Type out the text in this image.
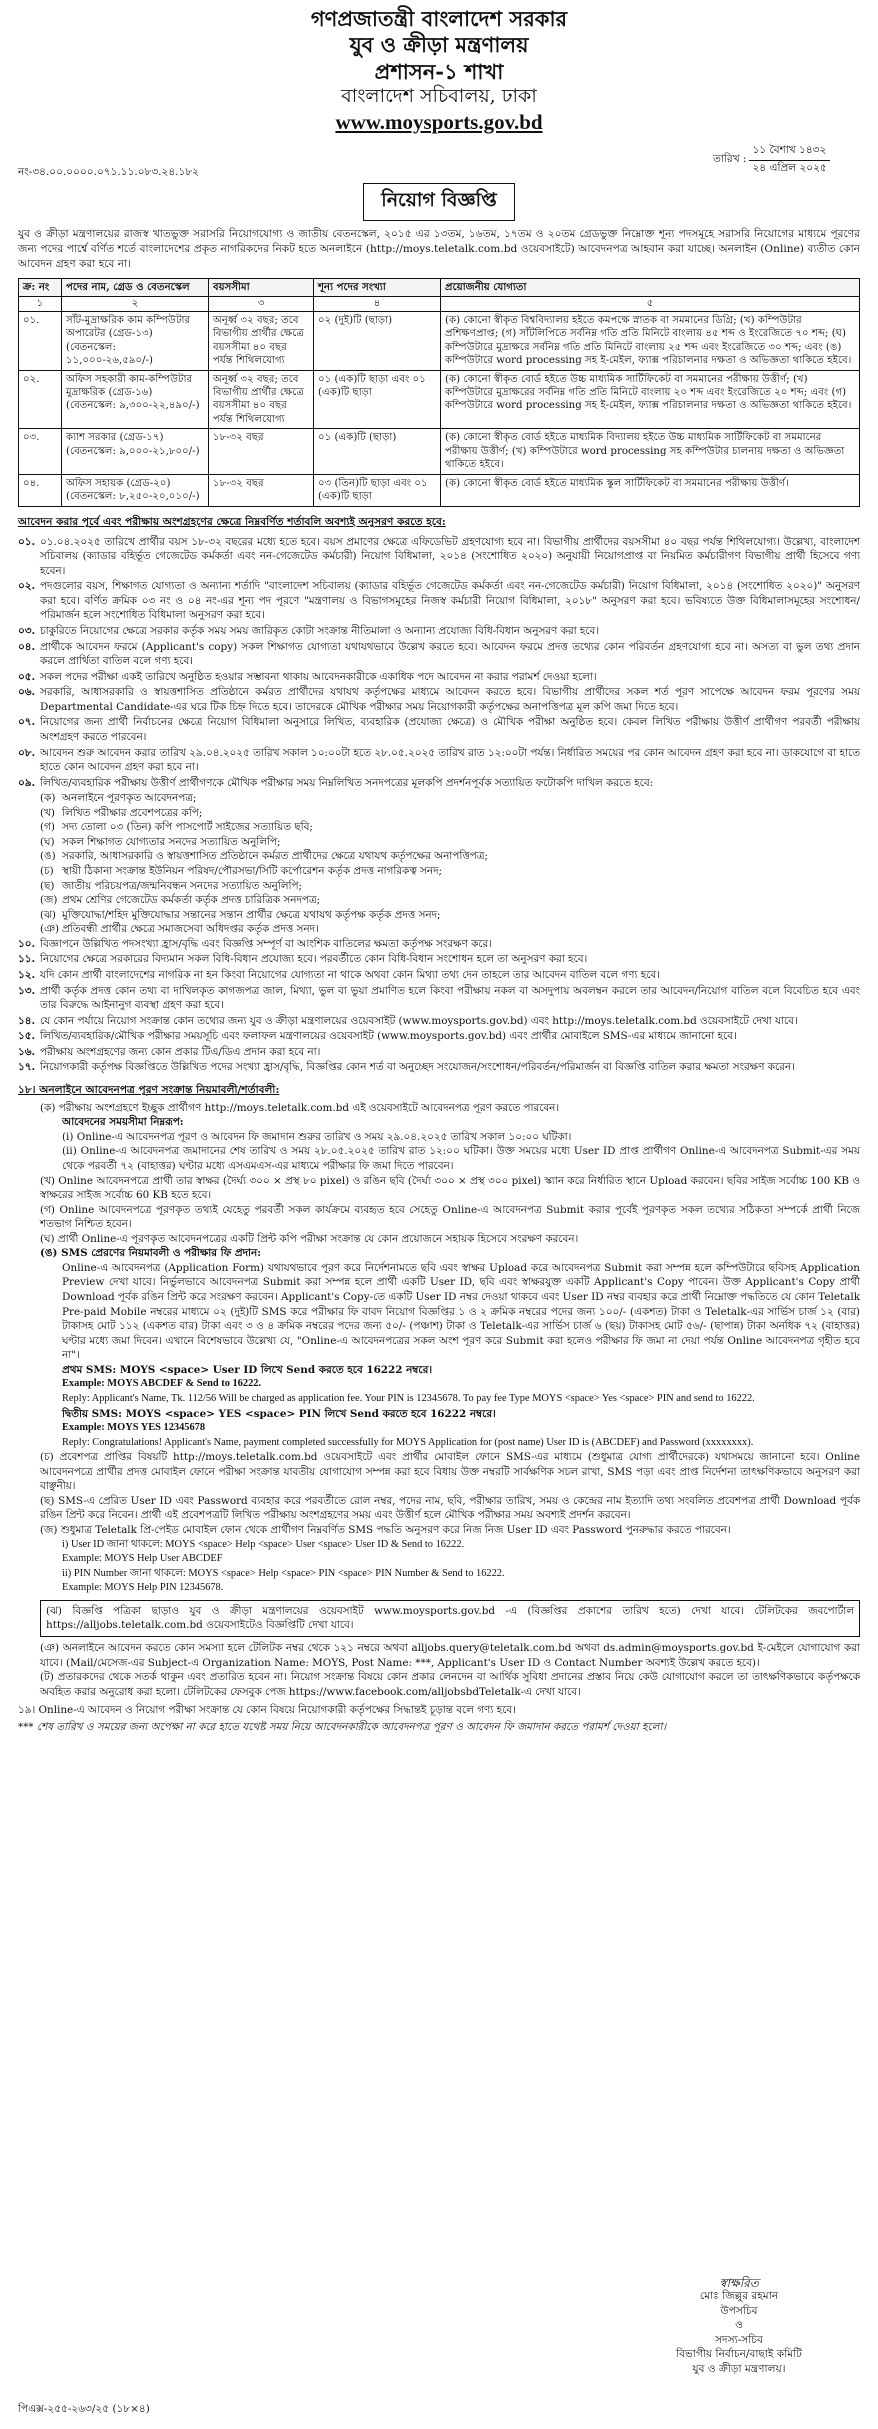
গণপ্রজাতন্ত্রী বাংলাদেশ সরকার
যুব ও ক্রীড়া মন্ত্রণালয়
প্রশাসন-১ শাখা
বাংলাদেশ সচিবালয়, ঢাকা
www.moysports.gov.bd
নং-৩৪.০০.০০০০.০৭১.১১.০৮৩.২৪.১৮২
তারিখ :	১১ বৈশাখ ১৪৩২
২৪ এপ্রিল ২০২৫
নিয়োগ বিজ্ঞপ্তি

যুব ও ক্রীড়া মন্ত্রণালয়ের রাজস্ব খাতভুক্ত সরাসরি নিয়োগযোগ্য ও জাতীয় বেতনস্কেল, ২০১৫ এর ১৩তম, ১৬তম, ১৭তম ও ২০তম গ্রেডভুক্ত নিম্নোক্ত শূন্য পদসমূহে সরাসরি নিয়োগের মাধ্যমে পূরণের জন্য পদের পার্শ্বে বর্ণিত শর্তে বাংলাদেশের প্রকৃত নাগরিকদের নিকট হতে অনলাইনে (http://moys.teletalk.com.bd ওয়েবসাইটে) আবেদনপত্র আহবান করা যাচ্ছে। অনলাইন (Online) ব্যতীত কোন আবেদন গ্রহণ করা হবে না।

ক্র: নং	পদের নাম, গ্রেড ও বেতনস্কেল	বয়সসীমা	শূন্য পদের সংখ্যা	প্রয়োজনীয় যোগ্যতা
১	২	৩	৪	৫
০১.	সাঁট-মুদ্রাক্ষরিক কাম কম্পিউটার অপারেটর (গ্রেড-১৩) (বেতনস্কেল: ১১,০০০-২৬,৫৯০/-)	অনূর্ধ্ব ৩২ বছর; তবে বিভাগীয় প্রার্থীর ক্ষেত্রে বয়সসীমা ৪০ বছর পর্যন্ত শিথিলযোগ্য	০২ (দুই)টি (ছাড়া)	(ক) কোনো স্বীকৃত বিশ্ববিদ্যালয় হইতে কমপক্ষে স্নাতক বা সমমানের ডিগ্রি; (খ) কম্পিউটার প্রশিক্ষণপ্রাপ্ত; (গ) সাঁটলিপিতে সর্বনিম্ন গতি প্রতি মিনিটে বাংলায় ৪৫ শব্দ ও ইংরেজিতে ৭০ শব্দ; (ঘ) কম্পিউটারে মুদ্রাক্ষরে সর্বনিম্ন গতি প্রতি মিনিটে বাংলায় ২৫ শব্দ এবং ইংরেজিতে ৩০ শব্দ; এবং (ঙ) কম্পিউটারে word processing সহ ই-মেইল, ফ্যাক্স পরিচালনার দক্ষতা ও অভিজ্ঞতা থাকিতে হইবে।
০২.	অফিস সহকারী কাম-কম্পিউটার মুদ্রাক্ষরিক (গ্রেড-১৬) (বেতনস্কেল: ৯,৩০০-২২,৪৯০/-)	অনূর্ধ্ব ৩২ বছর; তবে বিভাগীয় প্রার্থীর ক্ষেত্রে বয়সসীমা ৪০ বছর পর্যন্ত শিথিলযোগ্য	০১ (এক)টি ছাড়া এবং ০১ (এক)টি ছাড়া	(ক) কোনো স্বীকৃত বোর্ড হইতে উচ্চ মাধ্যমিক সার্টিফিকেট বা সমমানের পরীক্ষায় উত্তীর্ণ; (খ) কম্পিউটারে মুদ্রাক্ষরের সর্বনিম্ন গতি প্রতি মিনিটে বাংলায় ২০ শব্দ এবং ইংরেজিতে ২০ শব্দ; এবং (গ) কম্পিউটারে word processing সহ ই-মেইল, ফ্যাক্স পরিচালনার দক্ষতা ও অভিজ্ঞতা থাকিতে হইবে।
০৩.	ক্যাশ সরকার (গ্রেড-১৭) (বেতনস্কেল: ৯,০০০-২১,৮০০/-)	১৮-৩২ বছর	০১ (এক)টি (ছাড়া)	(ক) কোনো স্বীকৃত বোর্ড হইতে মাধ্যমিক বিদ্যালয় হইতে উচ্চ মাধ্যমিক সার্টিফিকেট বা সমমানের পরীক্ষায় উত্তীর্ণ; (খ) কম্পিউটারে word processing সহ কম্পিউটার চালনায় দক্ষতা ও অভিজ্ঞতা থাকিতে হইবে।
০৪.	অফিস সহায়ক (গ্রেড-২০) (বেতনস্কেল: ৮,২৫০-২০,০১০/-)	১৮-৩২ বছর	০৩ (তিন)টি ছাড়া এবং ০১ (এক)টি ছাড়া	(ক) কোনো স্বীকৃত বোর্ড হইতে মাধ্যমিক স্কুল সার্টিফিকেট বা সমমানের পরীক্ষায় উত্তীর্ণ।
আবেদন করার পূর্বে এবং পরীক্ষায় অংশগ্রহণের ক্ষেত্রে নিম্নবর্ণিত শর্তাবলি অবশ্যই অনুসরণ করতে হবে:
০১. ০১.০৪.২০২৫ তারিখে প্রার্থীর বয়স ১৮-৩২ বছরের মধ্যে হতে হবে। বয়স প্রমাণের ক্ষেত্রে এফিডেভিট গ্রহণযোগ্য হবে না। বিভাগীয় প্রার্থীদের বয়সসীমা ৪০ বছর পর্যন্ত শিথিলযোগ্য। উল্লেখ্য, বাংলাদেশ সচিবালয় (ক্যাডার বহির্ভূত গেজেটেড কর্মকর্তা এবং নন-গেজেটেড কর্মচারী) নিয়োগ বিধিমালা, ২০১৪ (সংশোধিত ২০২০) অনুযায়ী নিয়োগপ্রাপ্ত বা নিয়মিত কর্মচারীগণ বিভাগীয় প্রার্থী হিসেবে গণ্য হবেন।
০২. পদগুলোর বয়স, শিক্ষাগত যোগ্যতা ও অন্যান্য শর্তাদি "বাংলাদেশ সচিবালয় (ক্যাডার বহির্ভূত গেজেটেড কর্মকর্তা এবং নন-গেজেটেড কর্মচারী) নিয়োগ বিধিমালা, ২০১৪ (সংশোধিত ২০২০)" অনুসরণ করা হবে। বর্ণিত ক্রমিক ০৩ নং ও ০৪ নং-এর শূন্য পদ পূরণে "মন্ত্রণালয় ও বিভাগসমূহের নিজস্ব কর্মচারী নিয়োগ বিধিমালা, ২০১৮" অনুসরণ করা হবে। ভবিষ্যতে উক্ত বিধিমালাসমূহের সংশোধন/পরিমার্জন হলে সংশোধিত বিধিমালা অনুসরণ করা হবে।
০৩. চাকুরিতে নিয়োগের ক্ষেত্রে সরকার কর্তৃক সময় সময় জারিকৃত কোটা সংক্রান্ত নীতিমালা ও অন্যান্য প্রযোজ্য বিধি-বিধান অনুসরণ করা হবে।
০৪. প্রার্থীকে আবেদন ফরমে (Applicant's copy) সকল শিক্ষাগত যোগ্যতা যথাযথভাবে উল্লেখ করতে হবে। আবেদন ফরমে প্রদত্ত তথ্যের কোন পরিবর্তন গ্রহণযোগ্য হবে না। অসত্য বা ভুল তথ্য প্রদান করলে প্রার্থিতা বাতিল বলে গণ্য হবে।
০৫. সকল পদের পরীক্ষা একই তারিখে অনুষ্ঠিত হওয়ার সম্ভাবনা থাকায় আবেদনকারীকে একাধিক পদে আবেদন না করার পরামর্শ দেওয়া হলো।
০৬. সরকারি, আধাসরকারি ও স্বায়ত্তশাসিত প্রতিষ্ঠানে কর্মরত প্রার্থীদের যথাযথ কর্তৃপক্ষের মাধ্যমে আবেদন করতে হবে। বিভাগীয় প্রার্থীদের সকল শর্ত পূরণ সাপেক্ষে আবেদন ফরম পূরণের সময় Departmental Candidate-এর ঘরে টিক চিহ্ন দিতে হবে। তাদেরকে মৌখিক পরীক্ষার সময় নিয়োগকারী কর্তৃপক্ষের অনাপত্তিপত্র মূল কপি জমা দিতে হবে।
০৭. নিয়োগের জন্য প্রার্থী নির্বাচনের ক্ষেত্রে নিয়োগ বিধিমালা অনুসারে লিখিত, ব্যবহারিক (প্রযোজ্য ক্ষেত্রে) ও মৌখিক পরীক্ষা অনুষ্ঠিত হবে। কেবল লিখিত পরীক্ষায় উত্তীর্ণ প্রার্থীগণ পরবর্তী পরীক্ষায় অংশগ্রহণ করতে পারবেন।
০৮. আবেদন শুরু আবেদন করার তারিখ ২৯.০৪.২০২৫ তারিখ সকাল ১০:০০টা হতে ২৮.০৫.২০২৫ তারিখ রাত ১২:০০টা পর্যন্ত। নির্ধারিত সময়ের পর কোন আবেদন গ্রহণ করা হবে না। ডাকযোগে বা হাতে হাতে কোন আবেদন গ্রহণ করা হবে না।
০৯. লিখিত/ব্যবহারিক পরীক্ষায় উত্তীর্ণ প্রার্থীগণকে মৌখিক পরীক্ষার সময় নিম্নলিখিত সনদপত্রের মূলকপি প্রদর্শনপূর্বক সত্যায়িত ফটোকপি দাখিল করতে হবে:
(ক) অনলাইনে পূরণকৃত আবেদনপত্র;
(খ) লিখিত পরীক্ষার প্রবেশপত্রের কপি;
(গ) সদ্য তোলা ০৩ (তিন) কপি পাসপোর্ট সাইজের সত্যায়িত ছবি;
(ঘ) সকল শিক্ষাগত যোগ্যতার সনদের সত্যায়িত অনুলিপি;
(ঙ) সরকারি, আধাসরকারি ও স্বায়ত্তশাসিত প্রতিষ্ঠানে কর্মরত প্রার্থীদের ক্ষেত্রে যথাযথ কর্তৃপক্ষের অনাপত্তিপত্র;
(চ) স্থায়ী ঠিকানা সংক্রান্ত ইউনিয়ন পরিষদ/পৌরসভা/সিটি কর্পোরেশন কর্তৃক প্রদত্ত নাগরিকত্ব সনদ;
(ছ) জাতীয় পরিচয়পত্র/জন্মনিবন্ধন সনদের সত্যায়িত অনুলিপি;
(জ) প্রথম শ্রেণির গেজেটেড কর্মকর্তা কর্তৃক প্রদত্ত চারিত্রিক সনদপত্র;
(ঝ) মুক্তিযোদ্ধা/শহিদ মুক্তিযোদ্ধার সন্তানের সন্তান প্রার্থীর ক্ষেত্রে যথাযথ কর্তৃপক্ষ কর্তৃক প্রদত্ত সনদ;
(ঞ) প্রতিবন্ধী প্রার্থীর ক্ষেত্রে সমাজসেবা অধিদপ্তর কর্তৃক প্রদত্ত সনদ।
১০. বিজ্ঞাপনে উল্লিখিত পদসংখ্যা হ্রাস/বৃদ্ধি এবং বিজ্ঞপ্তি সম্পূর্ণ বা আংশিক বাতিলের ক্ষমতা কর্তৃপক্ষ সংরক্ষণ করে।
১১. নিয়োগের ক্ষেত্রে সরকারের বিদ্যমান সকল বিধি-বিধান প্রযোজ্য হবে। পরবর্তীতে কোন বিধি-বিধান সংশোধন হলে তা অনুসরণ করা হবে।
১২. যদি কোন প্রার্থী বাংলাদেশের নাগরিক না হন কিংবা নিয়োগের যোগ্যতা না থাকে অথবা কোন মিথ্যা তথ্য দেন তাহলে তার আবেদন বাতিল বলে গণ্য হবে।
১৩. প্রার্থী কর্তৃক প্রদত্ত কোন তথ্য বা দাখিলকৃত কাগজপত্র জাল, মিথ্যা, ভুল বা ভুয়া প্রমাণিত হলে কিংবা পরীক্ষায় নকল বা অসদুপায় অবলম্বন করলে তার আবেদন/নিয়োগ বাতিল বলে বিবেচিত হবে এবং তার বিরুদ্ধে আইনানুগ ব্যবস্থা গ্রহণ করা হবে।
১৪. যে কোন পর্যায়ে নিয়োগ সংক্রান্ত কোন তথ্যের জন্য যুব ও ক্রীড়া মন্ত্রণালয়ের ওয়েবসাইট (www.moysports.gov.bd) এবং http://moys.teletalk.com.bd ওয়েবসাইটে দেখা যাবে।
১৫. লিখিত/ব্যবহারিক/মৌখিক পরীক্ষার সময়সূচি এবং ফলাফল মন্ত্রণালয়ের ওয়েবসাইট (www.moysports.gov.bd) এবং প্রার্থীর মোবাইলে SMS-এর মাধ্যমে জানানো হবে।
১৬. পরীক্ষায় অংশগ্রহণের জন্য কোন প্রকার টিএ/ডিএ প্রদান করা হবে না।
১৭. নিয়োগকারী কর্তৃপক্ষ বিজ্ঞপ্তিতে উল্লিখিত পদের সংখ্যা হ্রাস/বৃদ্ধি, বিজ্ঞপ্তির কোন শর্ত বা অনুচ্ছেদ সংযোজন/সংশোধন/পরিবর্তন/পরিমার্জন বা বিজ্ঞপ্তি বাতিল করার ক্ষমতা সংরক্ষণ করেন।
১৮। অনলাইনে আবেদনপত্র পূরণ সংক্রান্ত নিয়মাবলী/শর্তাবলী:
(ক) পরীক্ষায় অংশগ্রহণে ইচ্ছুক প্রার্থীগণ http://moys.teletalk.com.bd এই ওয়েবসাইটে আবেদনপত্র পূরণ করতে পারবেন।
আবেদনের সময়সীমা নিম্নরূপ:
(i) Online-এ আবেদনপত্র পূরণ ও আবেদন ফি জমাদান শুরুর তারিখ ও সময় ২৯.০৪.২০২৫ তারিখ সকাল ১০:০০ ঘটিকা।
(ii) Online-এ আবেদনপত্র জমাদানের শেষ তারিখ ও সময় ২৮.০৫.২০২৫ তারিখ রাত ১২:০০ ঘটিকা। উক্ত সময়ের মধ্যে User ID প্রাপ্ত প্রার্থীগণ Online-এ আবেদনপত্র Submit-এর সময় থেকে পরবর্তী ৭২ (বাহাত্তর) ঘণ্টার মধ্যে এসএমএস-এর মাধ্যমে পরীক্ষার ফি জমা দিতে পারবেন।
(খ) Online আবেদনপত্রে প্রার্থী তার স্বাক্ষর (দৈর্ঘ্য ৩০০ × প্রস্থ ৮০ pixel) ও রঙিন ছবি (দৈর্ঘ্য ৩০০ × প্রস্থ ৩০০ pixel) স্ক্যান করে নির্ধারিত স্থানে Upload করবেন। ছবির সাইজ সর্বোচ্চ 100 KB ও স্বাক্ষরের সাইজ সর্বোচ্চ 60 KB হতে হবে।
(গ) Online আবেদনপত্রে পূরণকৃত তথ্যই যেহেতু পরবর্তী সকল কার্যক্রমে ব্যবহৃত হবে সেহেতু Online-এ আবেদনপত্র Submit করার পূর্বেই পূরণকৃত সকল তথ্যের সঠিকতা সম্পর্কে প্রার্থী নিজে শতভাগ নিশ্চিত হবেন।
(ঘ) প্রার্থী Online-এ পূরণকৃত আবেদনপত্রের একটি প্রিন্ট কপি পরীক্ষা সংক্রান্ত যে কোন প্রয়োজনে সহায়ক হিসেবে সংরক্ষণ করবেন।
(ঙ) SMS প্রেরণের নিয়মাবলী ও পরীক্ষার ফি প্রদান:
Online-এ আবেদনপত্র (Application Form) যথাযথভাবে পূরণ করে নির্দেশনামতে ছবি এবং স্বাক্ষর Upload করে আবেদনপত্র Submit করা সম্পন্ন হলে কম্পিউটারে ছবিসহ Application Preview দেখা যাবে। নির্ভুলভাবে আবেদনপত্র Submit করা সম্পন্ন হলে প্রার্থী একটি User ID, ছবি এবং স্বাক্ষরযুক্ত একটি Applicant's Copy পাবেন। উক্ত Applicant's Copy প্রার্থী Download পূর্বক রঙিন প্রিন্ট করে সংরক্ষণ করবেন। Applicant's Copy-তে একটি User ID নম্বর দেওয়া থাকবে এবং User ID নম্বর ব্যবহার করে প্রার্থী নিম্নোক্ত পদ্ধতিতে যে কোন Teletalk Pre-paid Mobile নম্বরের মাধ্যমে ০২ (দুই)টি SMS করে পরীক্ষার ফি বাবদ নিয়োগ বিজ্ঞপ্তির ১ ও ২ ক্রমিক নম্বরের পদের জন্য ১০০/- (একশত) টাকা ও Teletalk-এর সার্ভিস চার্জ ১২ (বার) টাকাসহ মোট ১১২ (একশত বার) টাকা এবং ৩ ও ৪ ক্রমিক নম্বরের পদের জন্য ৫০/- (পঞ্চাশ) টাকা ও Teletalk-এর সার্ভিস চার্জ ৬ (ছয়) টাকাসহ মোট ৫৬/- (ছাপান্ন) টাকা অনধিক ৭২ (বাহাত্তর) ঘণ্টার মধ্যে জমা দিবেন। এখানে বিশেষভাবে উল্লেখ্য যে, "Online-এ আবেদনপত্রের সকল অংশ পূরণ করে Submit করা হলেও পরীক্ষার ফি জমা না দেয়া পর্যন্ত Online আবেদনপত্র গৃহীত হবে না"।
প্রথম SMS: MOYS <space> User ID লিখে Send করতে হবে 16222 নম্বরে।
Example: MOYS ABCDEF & Send to 16222.
Reply: Applicant's Name, Tk. 112/56 Will be charged as application fee. Your PIN is 12345678. To pay fee Type MOYS <space> Yes <space> PIN and send to 16222.
দ্বিতীয় SMS: MOYS <space> YES <space> PIN লিখে Send করতে হবে 16222 নম্বরে।
Example: MOYS YES 12345678
Reply: Congratulations! Applicant's Name, payment completed successfully for MOYS Application for (post name) User ID is (ABCDEF) and Password (xxxxxxxx).
(চ) প্রবেশপত্র প্রাপ্তির বিষয়টি http://moys.teletalk.com.bd ওয়েবসাইটে এবং প্রার্থীর মোবাইল ফোনে SMS-এর মাধ্যমে (শুধুমাত্র যোগ্য প্রার্থীদেরকে) যথাসময়ে জানানো হবে। Online আবেদনপত্রে প্রার্থীর প্রদত্ত মোবাইল ফোনে পরীক্ষা সংক্রান্ত যাবতীয় যোগাযোগ সম্পন্ন করা হবে বিধায় উক্ত নম্বরটি সার্বক্ষণিক সচল রাখা, SMS পড়া এবং প্রাপ্ত নির্দেশনা তাৎক্ষণিকভাবে অনুসরণ করা বাঞ্ছনীয়।
(ছ) SMS-এ প্রেরিত User ID এবং Password ব্যবহার করে পরবর্তীতে রোল নম্বর, পদের নাম, ছবি, পরীক্ষার তারিখ, সময় ও কেন্দ্রের নাম ইত্যাদি তথ্য সংবলিত প্রবেশপত্র প্রার্থী Download পূর্বক রঙিন প্রিন্ট করে নিবেন। প্রার্থী এই প্রবেশপত্রটি লিখিত পরীক্ষায় অংশগ্রহণের সময় এবং উত্তীর্ণ হলে মৌখিক পরীক্ষার সময় অবশ্যই প্রদর্শন করবেন।
(জ) শুধুমাত্র Teletalk প্রি-পেইড মোবাইল ফোন থেকে প্রার্থীগণ নিম্নবর্ণিত SMS পদ্ধতি অনুসরণ করে নিজ নিজ User ID এবং Password পুনরুদ্ধার করতে পারবেন।
i) User ID জানা থাকলে: MOYS <space> Help <space> User <space> User ID & Send to 16222.
Example: MOYS Help User ABCDEF
ii) PIN Number জানা থাকলে: MOYS <space> Help <space> PIN <space> PIN Number & Send to 16222.
Example: MOYS Help PIN 12345678.
(ঝ) বিজ্ঞপ্তি পত্রিকা ছাড়াও যুব ও ক্রীড়া মন্ত্রণালয়ের ওয়েবসাইট www.moysports.gov.bd -এ (বিজ্ঞপ্তির প্রকাশের তারিখ হতে) দেখা যাবে। টেলিটকের জবপোর্টাল https://alljobs.teletalk.com.bd ওয়েবসাইটেও বিজ্ঞপ্তিটি দেখা যাবে।
(ঞ) অনলাইনে আবেদন করতে কোন সমস্যা হলে টেলিটক নম্বর থেকে ১২১ নম্বরে অথবা alljobs.query@teletalk.com.bd অথবা ds.admin@moysports.gov.bd ই-মেইলে যোগাযোগ করা যাবে। (Mail/মেসেজ-এর Subject-এ Organization Name: MOYS, Post Name: ***, Applicant's User ID ও Contact Number অবশ্যই উল্লেখ করতে হবে)।
(ট) প্রতারকদের থেকে সতর্ক থাকুন এবং প্রতারিত হবেন না। নিয়োগ সংক্রান্ত বিষয়ে কোন প্রকার লেনদেন বা আর্থিক সুবিধা প্রদানের প্রস্তাব নিয়ে কেউ যোগাযোগ করলে তা তাৎক্ষণিকভাবে কর্তৃপক্ষকে অবহিত করার অনুরোধ করা হলো। টেলিটকের ফেসবুক পেজ https://www.facebook.com/alljobsbdTeletalk-এ দেখা যাবে।
১৯। Online-এ আবেদন ও নিয়োগ পরীক্ষা সংক্রান্ত যে কোন বিষয়ে নিয়োগকারী কর্তৃপক্ষের সিদ্ধান্তই চূড়ান্ত বলে গণ্য হবে।
*** শেষ তারিখ ও সময়ের জন্য অপেক্ষা না করে হাতে যথেষ্ট সময় নিয়ে আবেদনকারীকে আবেদনপত্র পূরণ ও আবেদন ফি জমাদান করতে পরামর্শ দেওয়া হলো।
স্বাক্ষরিত
মোঃ জিল্লুর রহমান
উপসচিব
ও
সদস্য-সচিব
বিভাগীয় নির্বাচন/বাছাই কমিটি
যুব ও ক্রীড়া মন্ত্রণালয়।
পিএক্স-২৫৫-২৬৩/২৫ (১৮×৪)
